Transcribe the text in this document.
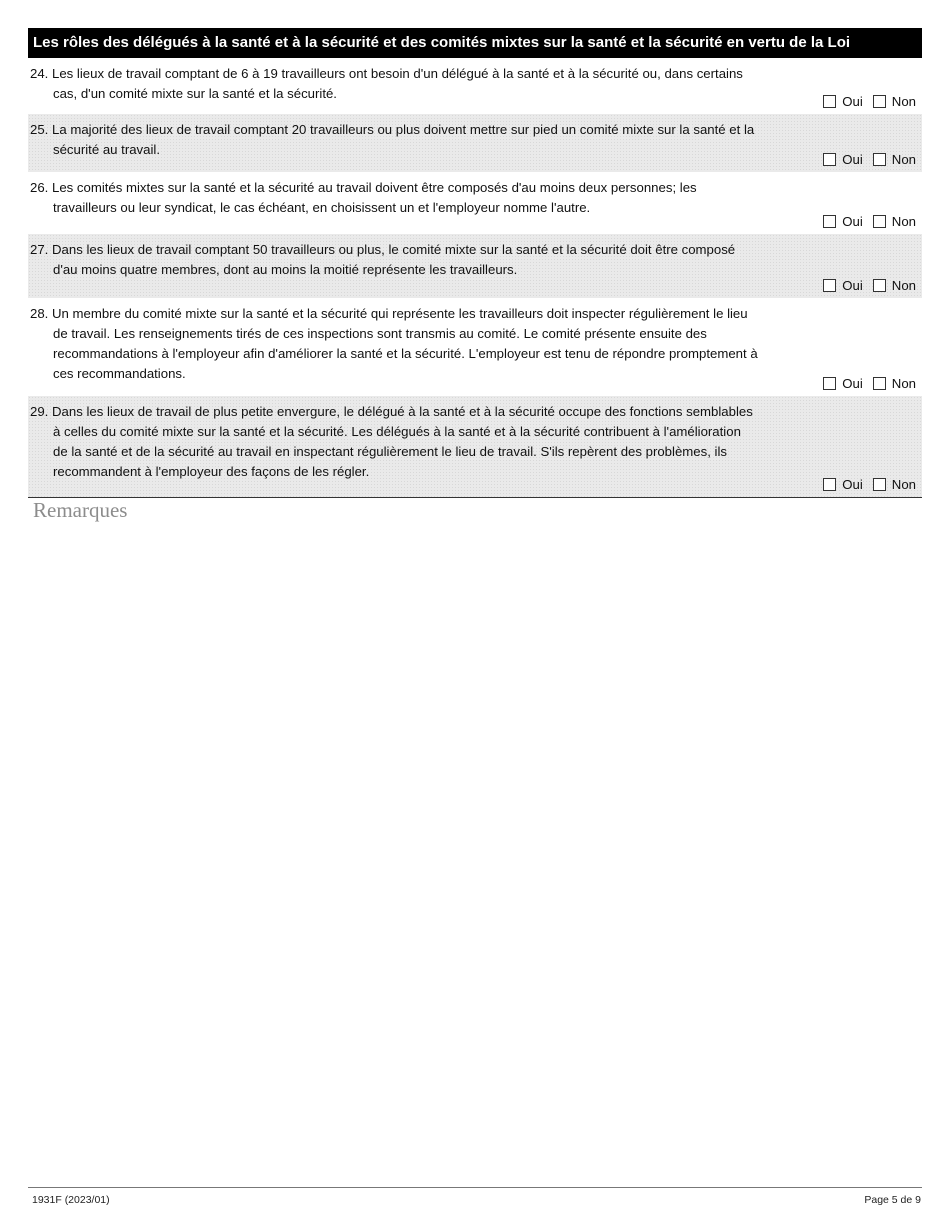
Les rôles des délégués à la santé et à la sécurité et des comités mixtes sur la santé et la sécurité en vertu de la Loi
24. Les lieux de travail comptant de 6 à 19 travailleurs ont besoin d'un délégué à la santé et à la sécurité ou, dans certains
cas, d'un comité mixte sur la santé et la sécurité.
Oui Non
25. La majorité des lieux de travail comptant 20 travailleurs ou plus doivent mettre sur pied un comité mixte sur la santé et la
sécurité au travail.
Oui Non
26. Les comités mixtes sur la santé et la sécurité au travail doivent être composés d'au moins deux personnes; les
travailleurs ou leur syndicat, le cas échéant, en choisissent un et l'employeur nomme l'autre.
Oui Non
27. Dans les lieux de travail comptant 50 travailleurs ou plus, le comité mixte sur la santé et la sécurité doit être composé
d'au moins quatre membres, dont au moins la moitié représente les travailleurs.
Oui Non
28. Un membre du comité mixte sur la santé et la sécurité qui représente les travailleurs doit inspecter régulièrement le lieu
de travail. Les renseignements tirés de ces inspections sont transmis au comité. Le comité présente ensuite des
recommandations à l'employeur afin d'améliorer la santé et la sécurité. L'employeur est tenu de répondre promptement à
ces recommandations.
Oui Non
29. Dans les lieux de travail de plus petite envergure, le délégué à la santé et à la sécurité occupe des fonctions semblables
à celles du comité mixte sur la santé et la sécurité. Les délégués à la santé et à la sécurité contribuent à l'amélioration
de la santé et de la sécurité au travail en inspectant régulièrement le lieu de travail. S'ils repèrent des problèmes, ils
recommandent à l'employeur des façons de les régler.
Oui Non
Remarques
1931F (2023/01)	Page 5 de 9
